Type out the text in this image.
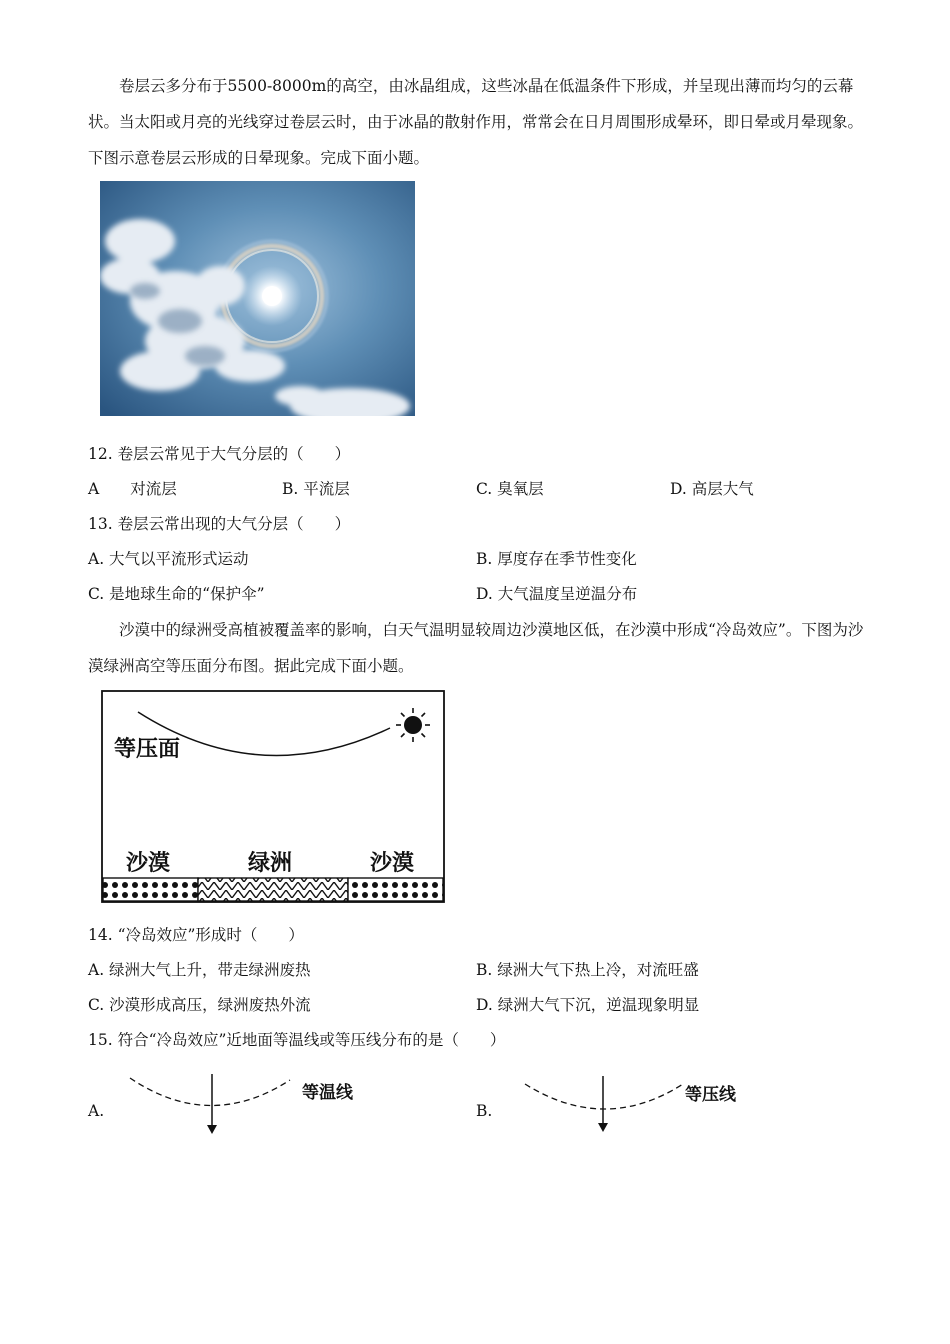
卷层云多分布于5500-8000m的高空，由冰晶组成，这些冰晶在低温条件下形成，并呈现出薄而均匀的云幕状。当太阳或月亮的光线穿过卷层云时，由于冰晶的散射作用，常常会在日月周围形成晕环，即日晕或月晕现象。下图示意卷层云形成的日晕现象。完成下面小题。

12. 卷层云常见于大气分层的（　　）
A　　对流层	B. 平流层	C. 臭氧层	D. 高层大气
13. 卷层云常出现的大气分层（　　）
A. 大气以平流形式运动	B. 厚度存在季节性变化
C. 是地球生命的“保护伞”	D. 大气温度呈逆温分布

沙漠中的绿洲受高植被覆盖率的影响，白天气温明显较周边沙漠地区低，在沙漠中形成“冷岛效应”。下图为沙漠绿洲高空等压面分布图。据此完成下面小题。

等压面
沙漠	绿洲	沙漠
14. “冷岛效应”形成时（　　）
A. 绿洲大气上升，带走绿洲废热	B. 绿洲大气下热上冷，对流旺盛
C. 沙漠形成高压，绿洲废热外流	D. 绿洲大气下沉，逆温现象明显
15. 符合“冷岛效应”近地面等温线或等压线分布的是（　　）
A.
等温线
B.
等压线
